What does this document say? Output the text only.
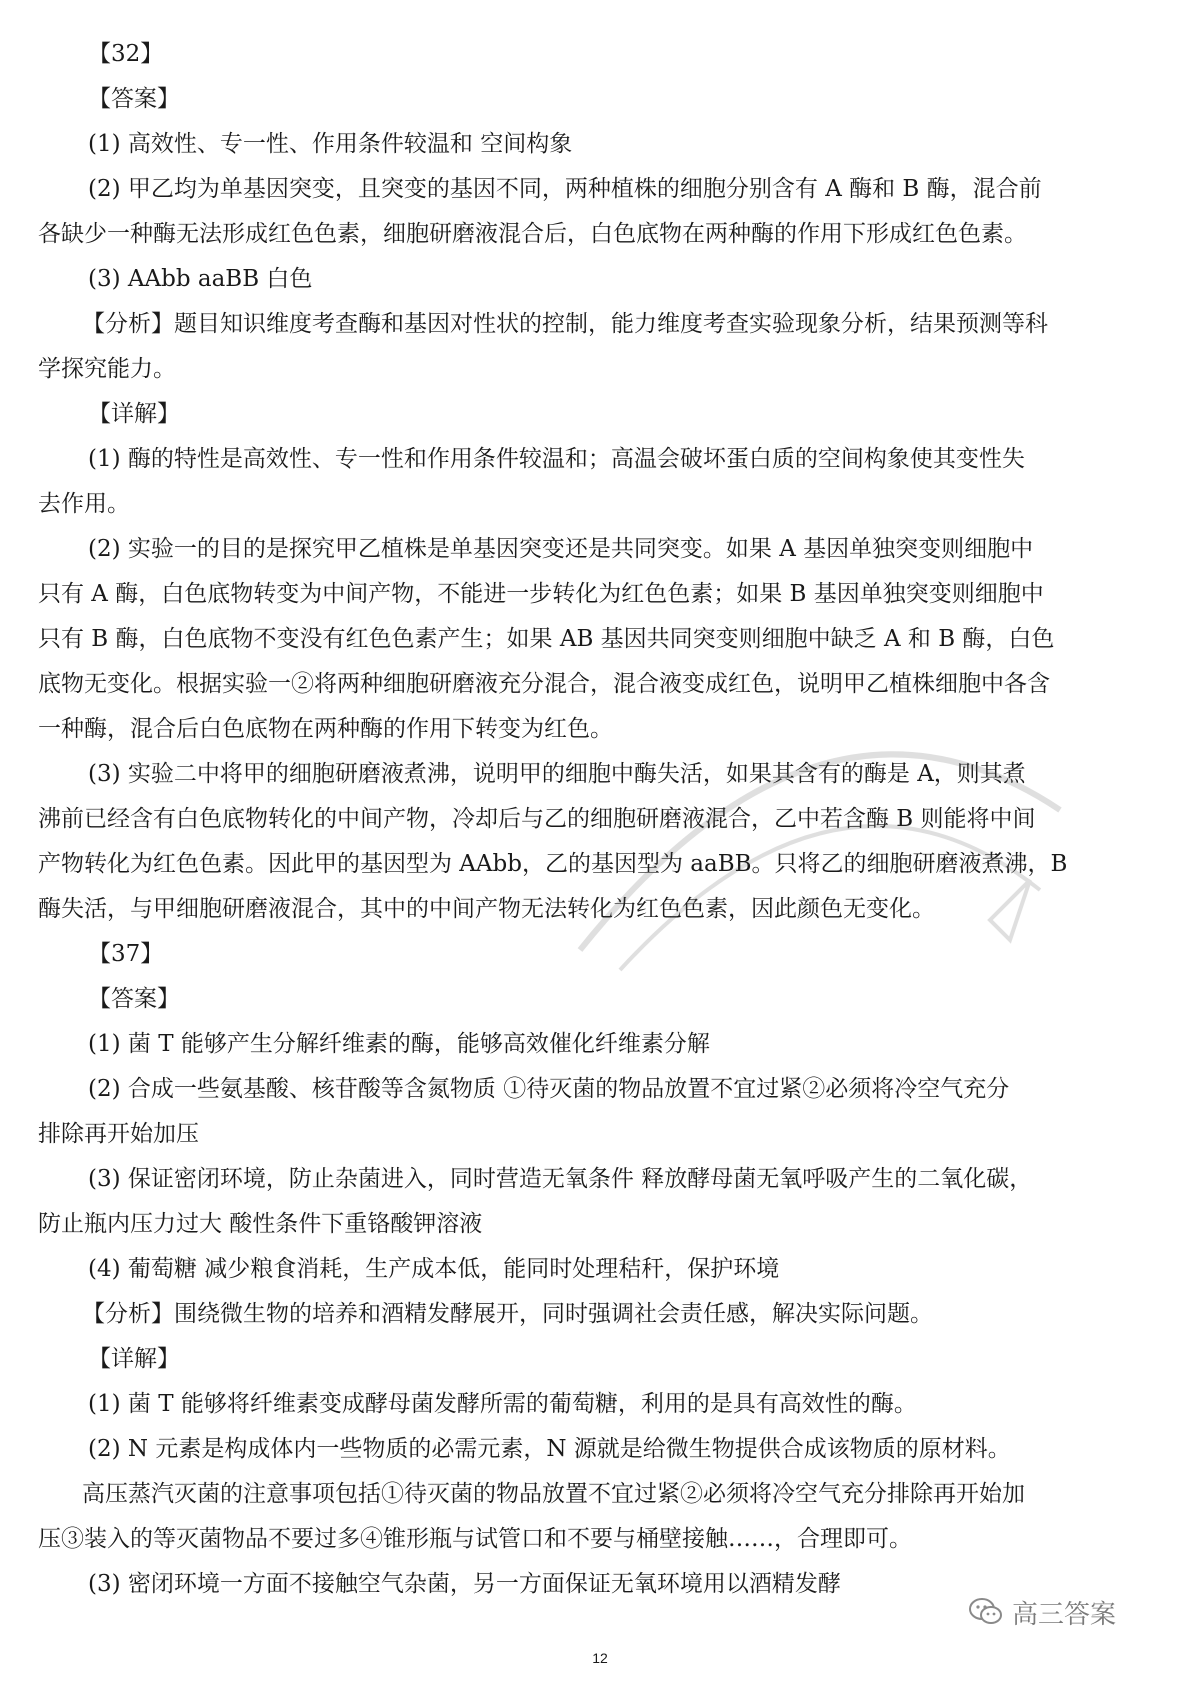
【32】
【答案】
(1) 高效性、专一性、作用条件较温和 空间构象
(2) 甲乙均为单基因突变，且突变的基因不同，两种植株的细胞分别含有 A 酶和 B 酶，混合前
各缺少一种酶无法形成红色色素，细胞研磨液混合后，白色底物在两种酶的作用下形成红色色素。
(3) AAbb aaBB 白色
【分析】题目知识维度考查酶和基因对性状的控制，能力维度考查实验现象分析，结果预测等科
学探究能力。
【详解】
(1) 酶的特性是高效性、专一性和作用条件较温和；高温会破坏蛋白质的空间构象使其变性失
去作用。
(2) 实验一的目的是探究甲乙植株是单基因突变还是共同突变。如果 A 基因单独突变则细胞中
只有 A 酶，白色底物转变为中间产物，不能进一步转化为红色色素；如果 B 基因单独突变则细胞中
只有 B 酶，白色底物不变没有红色色素产生；如果 AB 基因共同突变则细胞中缺乏 A 和 B 酶，白色
底物无变化。根据实验一②将两种细胞研磨液充分混合，混合液变成红色，说明甲乙植株细胞中各含
一种酶，混合后白色底物在两种酶的作用下转变为红色。
(3) 实验二中将甲的细胞研磨液煮沸，说明甲的细胞中酶失活，如果其含有的酶是 A，则其煮
沸前已经含有白色底物转化的中间产物，冷却后与乙的细胞研磨液混合，乙中若含酶 B 则能将中间
产物转化为红色色素。因此甲的基因型为 AAbb，乙的基因型为 aaBB。只将乙的细胞研磨液煮沸，B
酶失活，与甲细胞研磨液混合，其中的中间产物无法转化为红色色素，因此颜色无变化。
【37】
【答案】
(1) 菌 T 能够产生分解纤维素的酶，能够高效催化纤维素分解
(2) 合成一些氨基酸、核苷酸等含氮物质 ①待灭菌的物品放置不宜过紧②必须将冷空气充分
排除再开始加压
(3) 保证密闭环境，防止杂菌进入，同时营造无氧条件 释放酵母菌无氧呼吸产生的二氧化碳，
防止瓶内压力过大 酸性条件下重铬酸钾溶液
(4) 葡萄糖 减少粮食消耗，生产成本低，能同时处理秸秆，保护环境
【分析】围绕微生物的培养和酒精发酵展开，同时强调社会责任感，解决实际问题。
【详解】
(1) 菌 T 能够将纤维素变成酵母菌发酵所需的葡萄糖，利用的是具有高效性的酶。
(2) N 元素是构成体内一些物质的必需元素，N 源就是给微生物提供合成该物质的原材料。
高压蒸汽灭菌的注意事项包括①待灭菌的物品放置不宜过紧②必须将冷空气充分排除再开始加
压③装入的等灭菌物品不要过多④锥形瓶与试管口和不要与桶壁接触……，合理即可。
(3) 密闭环境一方面不接触空气杂菌，另一方面保证无氧环境用以酒精发酵
12
高三答案
